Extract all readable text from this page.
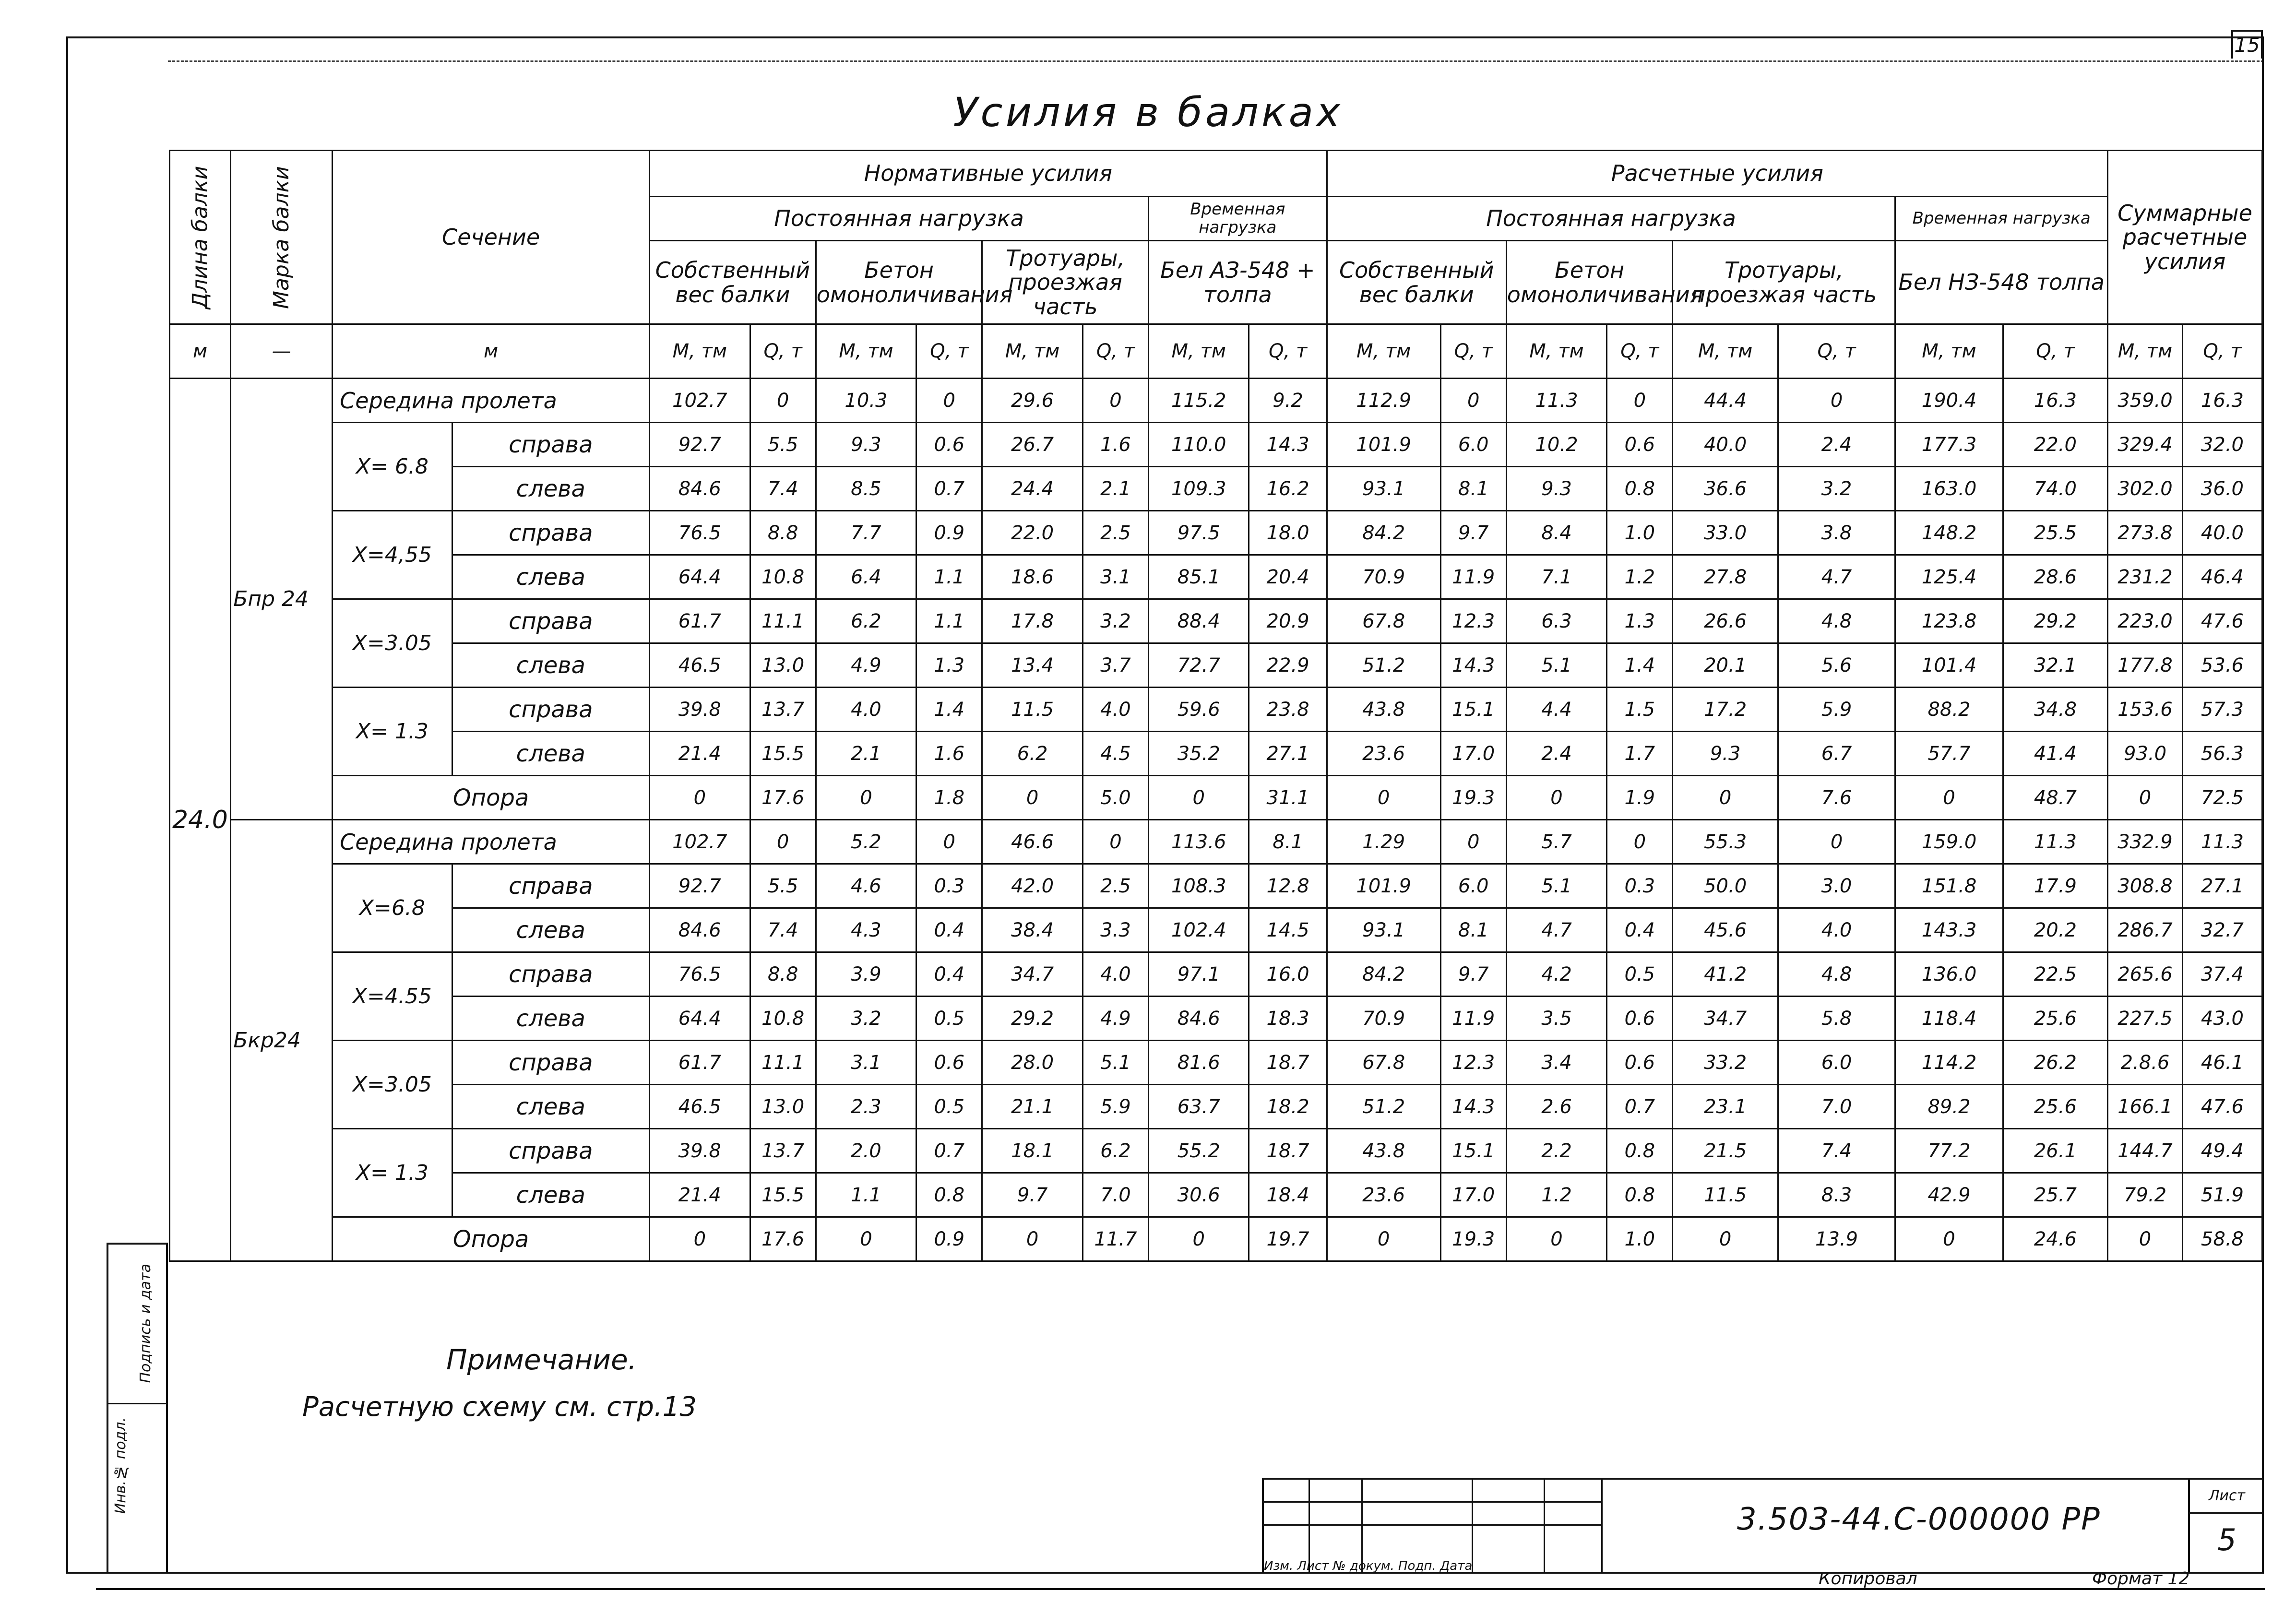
15
Усилия в балках
Длина балки	Марка балки	Сечение		Нормативные усилия								Расчетные усилия								Суммарные расчетные усилия	
				Постоянная нагрузка						Временная нагрузка		Постоянная нагрузка						Временная нагрузка			
				Собственный вес балки		Бетон омоноличивания		Тротуары, проезжая часть		Бел АЗ-548 + толпа		Собственный вес балки		Бетон омоноличивания		Тротуары, проезжая часть		Бел НЗ-548 толпа			
м	—	м		М, тм	Q, т	М, тм	Q, т	М, тм	Q, т	М, тм	Q, т	М, тм	Q, т	М, тм	Q, т	М, тм	Q, т	М, тм	Q, т	М, тм	Q, т
24.0	Бпр 24	Середина пролета		102.7	0	10.3	0	29.6	0	115.2	9.2	112.9	0	11.3	0	44.4	0	190.4	16.3	359.0	16.3
		X= 6.8	справа	92.7	5.5	9.3	0.6	26.7	1.6	110.0	14.3	101.9	6.0	10.2	0.6	40.0	2.4	177.3	22.0	329.4	32.0
			слева	84.6	7.4	8.5	0.7	24.4	2.1	109.3	16.2	93.1	8.1	9.3	0.8	36.6	3.2	163.0	74.0	302.0	36.0
		X=4,55	справа	76.5	8.8	7.7	0.9	22.0	2.5	97.5	18.0	84.2	9.7	8.4	1.0	33.0	3.8	148.2	25.5	273.8	40.0
			слева	64.4	10.8	6.4	1.1	18.6	3.1	85.1	20.4	70.9	11.9	7.1	1.2	27.8	4.7	125.4	28.6	231.2	46.4
		X=3.05	справа	61.7	11.1	6.2	1.1	17.8	3.2	88.4	20.9	67.8	12.3	6.3	1.3	26.6	4.8	123.8	29.2	223.0	47.6
			слева	46.5	13.0	4.9	1.3	13.4	3.7	72.7	22.9	51.2	14.3	5.1	1.4	20.1	5.6	101.4	32.1	177.8	53.6
		X= 1.3	справа	39.8	13.7	4.0	1.4	11.5	4.0	59.6	23.8	43.8	15.1	4.4	1.5	17.2	5.9	88.2	34.8	153.6	57.3
			слева	21.4	15.5	2.1	1.6	6.2	4.5	35.2	27.1	23.6	17.0	2.4	1.7	9.3	6.7	57.7	41.4	93.0	56.3
		Опора		0	17.6	0	1.8	0	5.0	0	31.1	0	19.3	0	1.9	0	7.6	0	48.7	0	72.5
	Бкр24	Середина пролета		102.7	0	5.2	0	46.6	0	113.6	8.1	1.29	0	5.7	0	55.3	0	159.0	11.3	332.9	11.3
		X=6.8	справа	92.7	5.5	4.6	0.3	42.0	2.5	108.3	12.8	101.9	6.0	5.1	0.3	50.0	3.0	151.8	17.9	308.8	27.1
			слева	84.6	7.4	4.3	0.4	38.4	3.3	102.4	14.5	93.1	8.1	4.7	0.4	45.6	4.0	143.3	20.2	286.7	32.7
		X=4.55	справа	76.5	8.8	3.9	0.4	34.7	4.0	97.1	16.0	84.2	9.7	4.2	0.5	41.2	4.8	136.0	22.5	265.6	37.4
			слева	64.4	10.8	3.2	0.5	29.2	4.9	84.6	18.3	70.9	11.9	3.5	0.6	34.7	5.8	118.4	25.6	227.5	43.0
		X=3.05	справа	61.7	11.1	3.1	0.6	28.0	5.1	81.6	18.7	67.8	12.3	3.4	0.6	33.2	6.0	114.2	26.2	2.8.6	46.1
			слева	46.5	13.0	2.3	0.5	21.1	5.9	63.7	18.2	51.2	14.3	2.6	0.7	23.1	7.0	89.2	25.6	166.1	47.6
		X= 1.3	справа	39.8	13.7	2.0	0.7	18.1	6.2	55.2	18.7	43.8	15.1	2.2	0.8	21.5	7.4	77.2	26.1	144.7	49.4
			слева	21.4	15.5	1.1	0.8	9.7	7.0	30.6	18.4	23.6	17.0	1.2	0.8	11.5	8.3	42.9	25.7	79.2	51.9
		Опора		0	17.6	0	0.9	0	11.7	0	19.7	0	19.3	0	1.0	0	13.9	0	24.6	0	58.8
Примечание.
Расчетную схему см. стр.13
Инв.№ подл.
Подпись и дата
Изм. Лист № докум. Подп. Дата
3.503-44.С-000000 РР
Лист
5
Копировал	Формат 12
